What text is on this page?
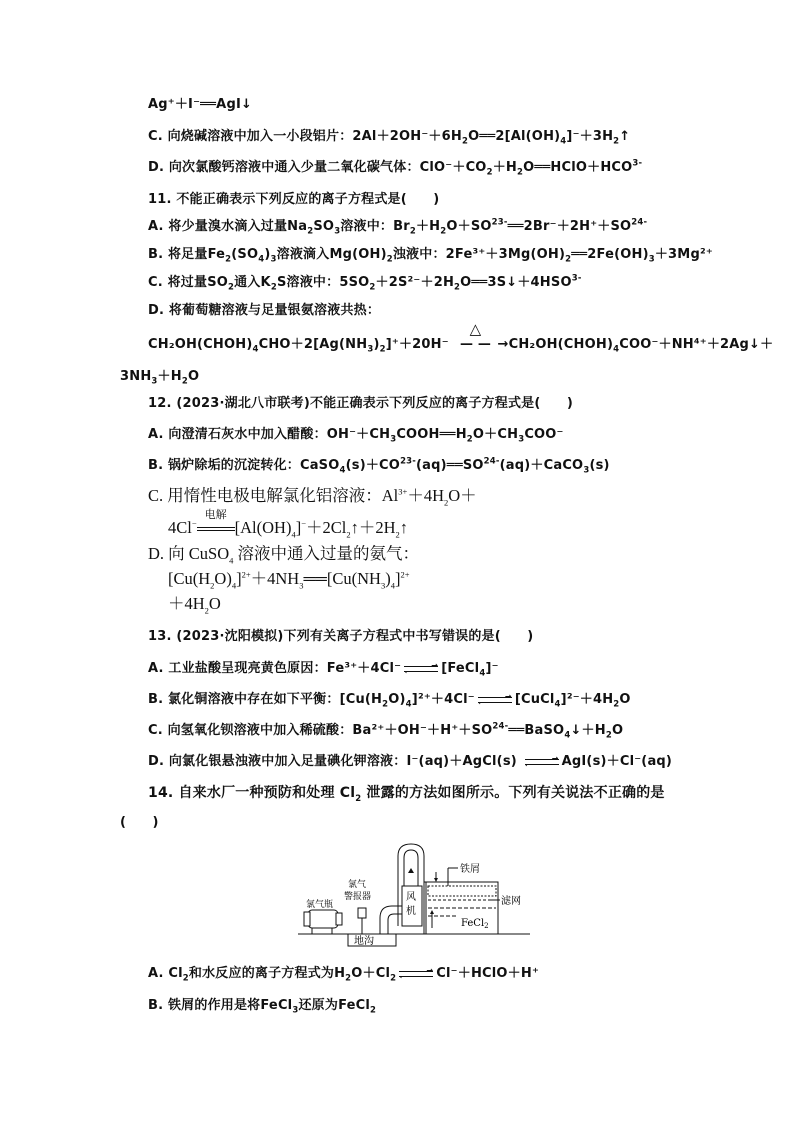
Ag⁺＋I⁻══AgI↓
C. 向烧碱溶液中加入一小段铝片：$2Al+2OH^-+6H_2O══2[Al(OH)_4]^-+3H_2↑$
D. 向次氯酸钙溶液中通入少量二氧化碳气体：$ClO^-+CO_2+H_2O══HClO+HCO^{3-}$
11. 不能正确表示下列反应的离子方程式是(　　)
A. 将少量溴水滴入过量$Na_2SO_3$溶液中：$Br_2+H_2O+SO^{23-}══2Br^-+2H^++SO^{24-}$
B. 将足量$Fe_2(SO_4)_3$溶液滴入$Mg(OH)_2$浊液中：$2Fe^{3+}+3Mg(OH)_2══2Fe(OH)_3+3Mg^{2+}$
C. 将过量$SO_2$通入$K_2S$溶液中：$5SO_2+2S^{2-}+2H_2O══3S↓+4HSO^{3-}$
D. 将葡萄糖溶液与足量银氨溶液共热：
$CH_2OH(CHOH)_4CHO+2[Ag(NH_3)_2]^++20H^-$
△
— — $\to CH_2OH(CHOH)_4COO^-+NH^{4+}+2Ag↓+$
$3NH_3+H_2O$
12. (2023·湖北八市联考)不能正确表示下列反应的离子方程式是(　　)
A. 向澄清石灰水中加入醋酸：$OH^-+CH_3COOH══H_2O+CH_3COO^-$
B. 锅炉除垢的沉淀转化：$CaSO_4(s)+CO^{23-}(aq)══SO^{24-}(aq)+CaCO_3(s)$
C. 用惰性电极电解氯化铝溶液：$Al^{3+}+4H_2O+$
4Cl−
电解
$[Al(OH)_4]^-+2Cl_2↑+2H_2↑$
D. 向 CuSO$_4$ 溶液中通入过量的氨气：
$[Cu(H_2O)_4]^{2+}+4NH_3══[Cu(NH_3)_4]^{2+}$
$+4H_2O$
13. (2023·沈阳模拟)下列有关离子方程式中书写错误的是(　　)
A. 工业盐酸呈现亮黄色原因：Fe³⁺＋4Cl⁻	⇀
↽ [FeCl$_4$]⁻
B. 氯化铜溶液中存在如下平衡：$[Cu(H_2O)_4]^{2+}+4Cl^-$	⇀
↽ $[CuCl_4]^{2-}+4H_2O$
C. 向氢氧化钡溶液中加入稀硫酸：$Ba^{2+}+OH^-+H^++SO^{24-}══BaSO_4↓+H_2O$
D. 向氯化银悬浊液中加入足量碘化钾溶液：I⁻(aq)＋AgCl(s)	⇀
↽ AgI(s)＋Cl⁻(aq)
14. 自来水厂一种预防和处理 $Cl_2$ 泄露的方法如图所示。下列有关说法不正确的是
(　　)
氯气瓶
氯气
警报器
地沟
风
机
FeCl$_2$
铁屑
滤网
A. $Cl_2$和水反应的离子方程式为$H_2O+Cl_2$
⇀
↽ Cl⁻＋HClO＋H⁺
B. 铁屑的作用是将FeCl$_3$还原为FeCl$_2$
